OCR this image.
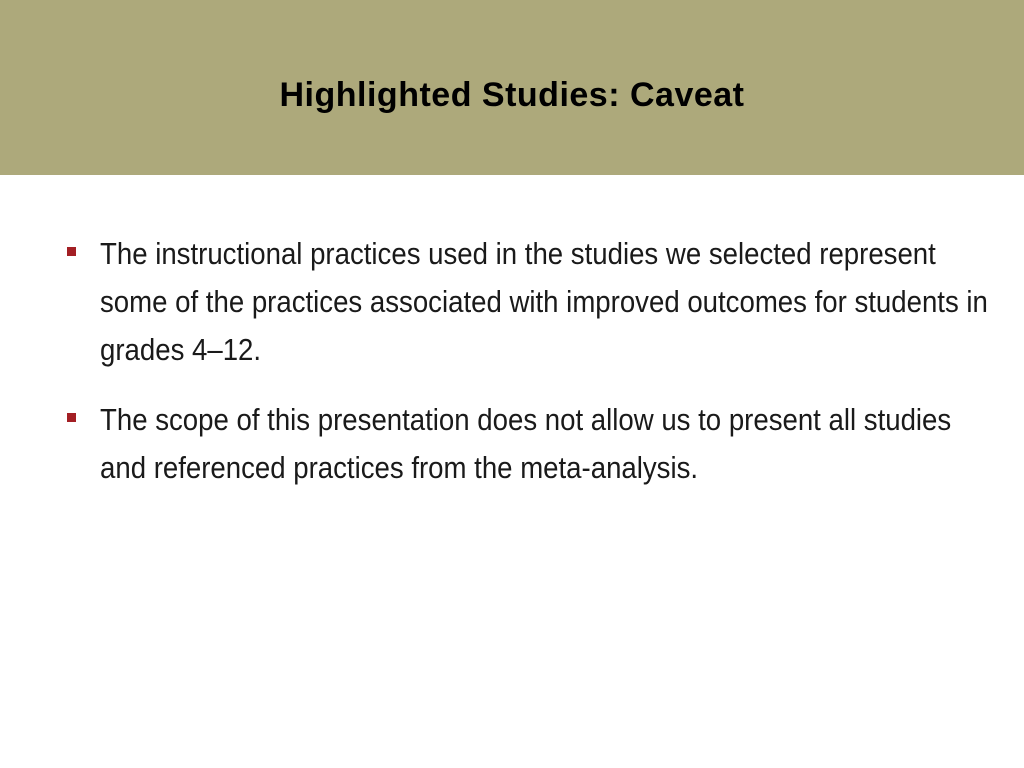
Highlighted Studies: Caveat
The instructional practices used in the studies we selected represent some of the practices associated with improved outcomes for students in grades 4–12.
The scope of this presentation does not allow us to present all studies and referenced practices from the meta-analysis.
